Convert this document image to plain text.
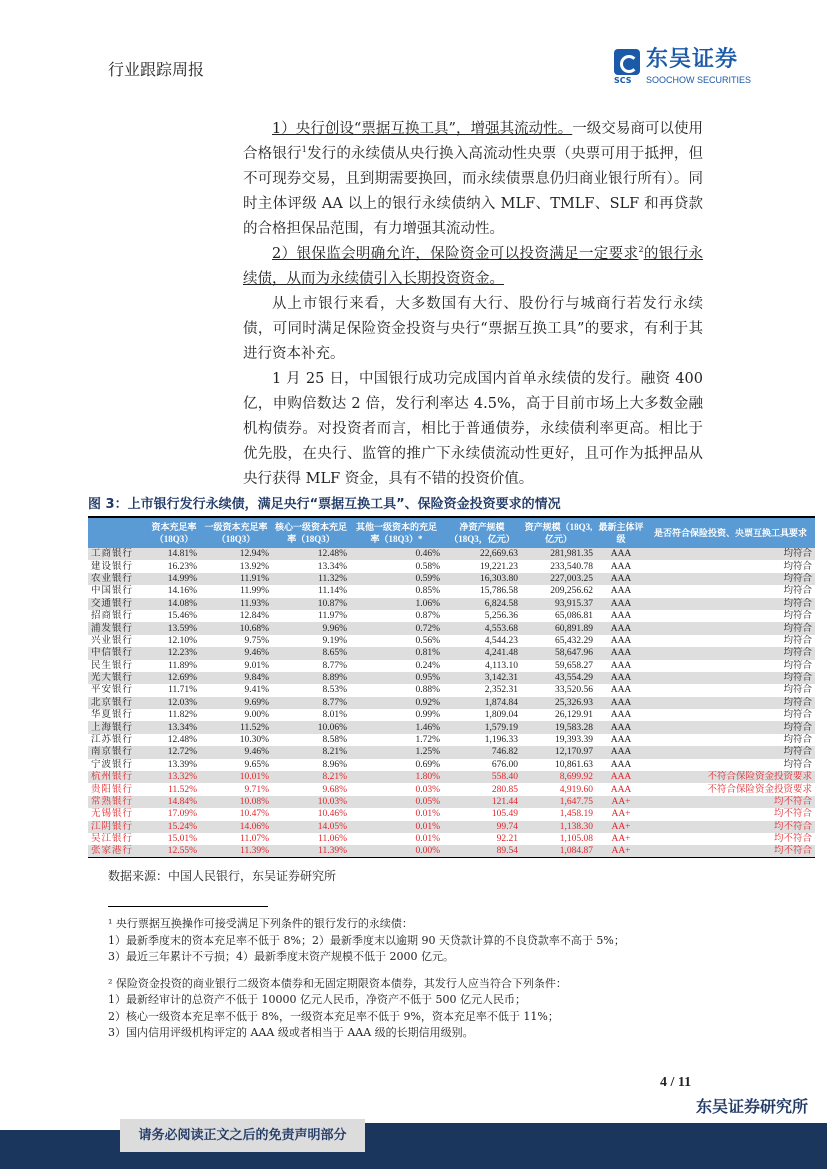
行业跟踪周报
SCS
东吴证券
SOOCHOW SECURITIES
1）央行创设“票据互换工具”，增强其流动性。一级交易商可以使用合格银行$^1$发行的永续债从央行换入高流动性央票（央票可用于抵押，但不可现券交易，且到期需要换回，而永续债票息仍归商业银行所有）。同时主体评级 AA 以上的银行永续债纳入 MLF、TMLF、SLF 和再贷款的合格担保品范围，有力增强其流动性。
2）银保监会明确允许，保险资金可以投资满足一定要求$^2$的银行永续债，从而为永续债引入长期投资资金。
从上市银行来看，大多数国有大行、股份行与城商行若发行永续债，可同时满足保险资金投资与央行“票据互换工具”的要求，有利于其进行资本补充。
1 月 25 日，中国银行成功完成国内首单永续债的发行。融资 400 亿，申购倍数达 2 倍，发行利率达 4.5%，高于目前市场上大多数金融机构债券。对投资者而言，相比于普通债券，永续债利率更高。相比于优先股，在央行、监管的推广下永续债流动性更好，且可作为抵押品从央行获得 MLF 资金，具有不错的投资价值。
图 3：上市银行发行永续债，满足央行“票据互换工具”、保险资金投资要求的情况
	资本充足率（18Q3）	一级资本充足率（18Q3）	核心一级资本充足率（18Q3）	其他一级资本的充足率（18Q3）*	净资产规模（18Q3，亿元）	资产规模（18Q3,亿元）	最新主体评级	是否符合保险投资、央票互换工具要求
工商银行	14.81%	12.94%	12.48%	0.46%	22,669.63	281,981.35	AAA	均符合
建设银行	16.23%	13.92%	13.34%	0.58%	19,221.23	233,540.78	AAA	均符合
农业银行	14.99%	11.91%	11.32%	0.59%	16,303.80	227,003.25	AAA	均符合
中国银行	14.16%	11.99%	11.14%	0.85%	15,786.58	209,256.62	AAA	均符合
交通银行	14.08%	11.93%	10.87%	1.06%	6,824.58	93,915.37	AAA	均符合
招商银行	15.46%	12.84%	11.97%	0.87%	5,256.36	65,086.81	AAA	均符合
浦发银行	13.59%	10.68%	9.96%	0.72%	4,553.68	60,891.89	AAA	均符合
兴业银行	12.10%	9.75%	9.19%	0.56%	4,544.23	65,432.29	AAA	均符合
中信银行	12.23%	9.46%	8.65%	0.81%	4,241.48	58,647.96	AAA	均符合
民生银行	11.89%	9.01%	8.77%	0.24%	4,113.10	59,658.27	AAA	均符合
光大银行	12.69%	9.84%	8.89%	0.95%	3,142.31	43,554.29	AAA	均符合
平安银行	11.71%	9.41%	8.53%	0.88%	2,352.31	33,520.56	AAA	均符合
北京银行	12.03%	9.69%	8.77%	0.92%	1,874.84	25,326.93	AAA	均符合
华夏银行	11.82%	9.00%	8.01%	0.99%	1,809.04	26,129.91	AAA	均符合
上海银行	13.34%	11.52%	10.06%	1.46%	1,579.19	19,583.28	AAA	均符合
江苏银行	12.48%	10.30%	8.58%	1.72%	1,196.33	19,393.39	AAA	均符合
南京银行	12.72%	9.46%	8.21%	1.25%	746.82	12,170.97	AAA	均符合
宁波银行	13.39%	9.65%	8.96%	0.69%	676.00	10,861.63	AAA	均符合
杭州银行	13.32%	10.01%	8.21%	1.80%	558.40	8,699.92	AAA	不符合保险资金投资要求
贵阳银行	11.52%	9.71%	9.68%	0.03%	280.85	4,919.60	AAA	不符合保险资金投资要求
常熟银行	14.84%	10.08%	10.03%	0.05%	121.44	1,647.75	AA+	均不符合
无锡银行	17.09%	10.47%	10.46%	0.01%	105.49	1,458.19	AA+	均不符合
江阴银行	15.24%	14.06%	14.05%	0.01%	99.74	1,138.30	AA+	均不符合
吴江银行	15.01%	11.07%	11.06%	0.01%	92.21	1,105.08	AA+	均不符合
张家港行	12.55%	11.39%	11.39%	0.00%	89.54	1,084.87	AA+	均不符合
数据来源：中国人民银行，东吴证券研究所
¹ 央行票据互换操作可接受满足下列条件的银行发行的永续债：
1）最新季度末的资本充足率不低于 8%；2）最新季度末以逾期 90 天贷款计算的不良贷款率不高于 5%；
3）最近三年累计不亏损；4）最新季度末资产规模不低于 2000 亿元。
² 保险资金投资的商业银行二级资本债券和无固定期限资本债券，其发行人应当符合下列条件：
1）最新经审计的总资产不低于 10000 亿元人民币，净资产不低于 500 亿元人民币；
2）核心一级资本充足率不低于 8%，一级资本充足率不低于 9%，资本充足率不低于 11%；
3）国内信用评级机构评定的 AAA 级或者相当于 AAA 级的长期信用级别。
4 / 11
东吴证券研究所
请务必阅读正文之后的免责声明部分
